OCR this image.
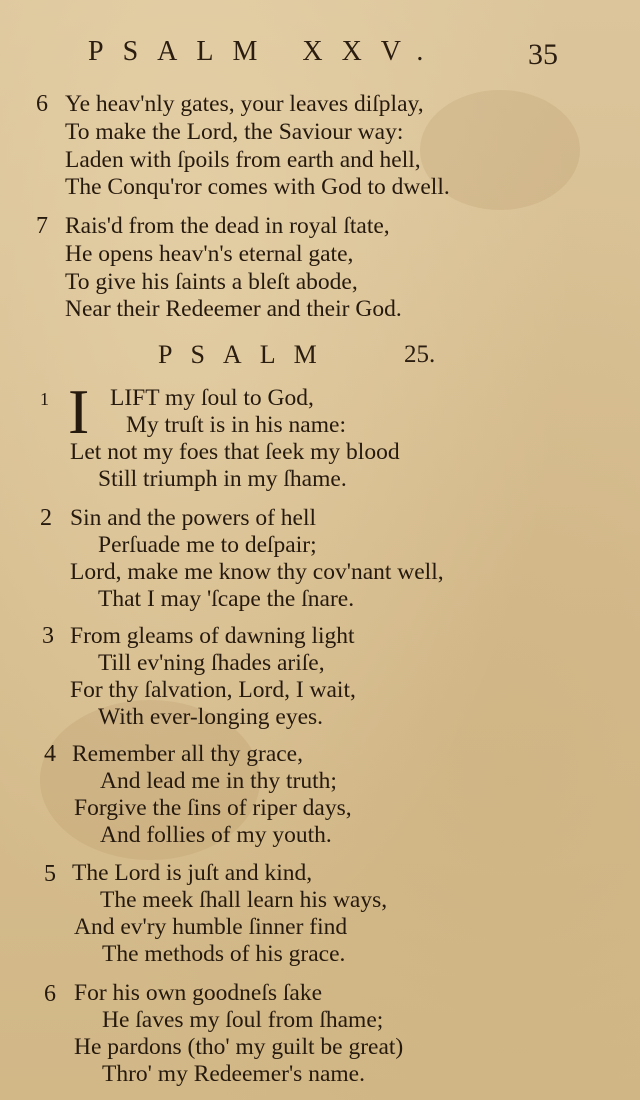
PSALM XXV.	35
6 Ye heav'nly gates, your leaves diſplay,
To make the Lord, the Saviour way:
Laden with ſpoils from earth and hell,
The Conqu'ror comes with God to dwell.
7 Rais'd from the dead in royal ſtate,
He opens heav'n's eternal gate,
To give his ſaints a bleſt abode,
Near their Redeemer and their God.
PSALM	25.
1 I LIFT my ſoul to God,
My truſt is in his name:
Let not my foes that ſeek my blood
Still triumph in my ſhame.
2 Sin and the powers of hell
Perſuade me to deſpair;
Lord, make me know thy cov'nant well,
That I may 'ſcape the ſnare.
3 From gleams of dawning light
Till ev'ning ſhades ariſe,
For thy ſalvation, Lord, I wait,
With ever-longing eyes.
4 Remember all thy grace,
And lead me in thy truth;
Forgive the ſins of riper days,
And follies of my youth.
5 The Lord is juſt and kind,
The meek ſhall learn his ways,
And ev'ry humble ſinner find
The methods of his grace.
6 For his own goodneſs ſake
He ſaves my ſoul from ſhame;
He pardons (tho' my guilt be great)
Thro' my Redeemer's name.
